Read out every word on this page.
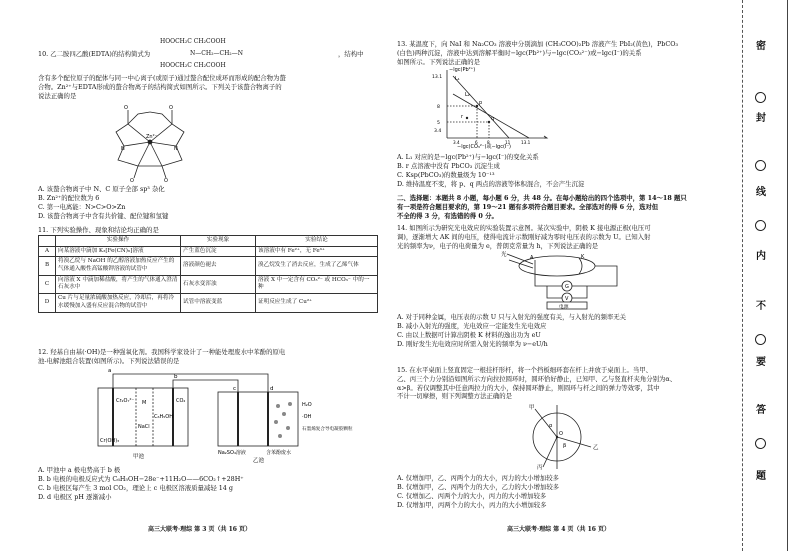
10. 乙二胺四乙酸(EDTA)的结构简式为
HOOCH₂C CH₂COOH
N—CH₂—CH₂—N
HOOCH₂C CH₂COOH
，结构中
含有多个配位原子的配体与同一中心离子(或原子)通过螯合配位成环而形成的配合物为螯
合物。Zn²⁺与EDTA形成的螯合物离子的结构简式如图所示。下列关于该螯合物离子的
说法正确的是
Zn²⁻
N	N
O	O
O	O
A. 该螯合物离子中 N、C 原子全部 sp³ 杂化
B. Zn²⁺的配位数为 6
C. 第一电离能：N>C>O>Zn
D. 该螯合物离子中含有共价键、配位键和氢键
11. 下列实验操作、现象和结论均正确的是
	实验操作	实验现象	实验结论
A	向某溶液中滴加 K₃[Fe(CN)₆]溶液	产生蓝色沉淀	该溶液中有 Fe²⁺，无 Fe³⁺
B	将溴乙烷与 NaOH 的乙醇溶液加热反应产生的气体通入酸性高锰酸钾溶液的试管中	溶液颜色褪去	溴乙烷发生了消去反应，生成了乙烯气体
C	向溶液 X 中滴加稀盐酸，将产生的气体通入澄清石灰水中	石灰水变浑浊	溶液 X 中一定含有 CO₃²⁻ 或 HCO₃⁻ 中的一种
D	Cu 片与足量浓硫酸加热反应，冷却后，再将冷水缓慢加入盛有反应混合物的试管中	试管中溶液变蓝	证明反应生成了 Cu²⁺
12. 羟基自由基(·OH)是一种强氧化剂。我国科学家设计了一种能处理废水中苯酚的原电
池-电解池组合装置(如图所示)。下列说法错误的是
a
b
c	d
Cr₂O₇²⁻
Cr(OH)₃
M
NaCl
C₆H₅OH
CO₂
Na₂SO₄溶液	含苯酚废水
H₂O
·OH
石墨烯复合导电凝胶颗粒
甲池
乙池
A. 甲池中 a 极电势高于 b 极
B. b 电极的电极反应式为 C₆H₅OH−28e⁻+11H₂O——6CO₂↑+28H⁺
C. b 电极区每产生 3 mol CO₂，理论上 c 电极区溶液质量减轻 14 g
D. d 电极区 pH 逐渐减小
高三大联考·理综 第 3 页（共 16 页）
13. 某温度下，向 NaI 和 Na₂CO₃ 溶液中分别滴加 (CH₃COO)₂Pb 溶液产生 PbI₂(黄色)，PbCO₃
(白色)两种沉淀，溶液中达到溶解平衡时−lgc(Pb²⁺)与−lgc(CO₃²⁻)或−lgc(I⁻)的关系
如图所示。下列说法正确的是
−lgc(Pb²⁺)
−lgc(CO₃²⁻)或−lgc(I⁻)
L₁
L₂
13.1
8
5
3.4
3.4	6 8	11	13.1
p
q
r
A. L₁ 对应的是−lgc(Pb²⁺)与−lgc(I⁻)的变化关系
B. r 点溶液中没有 PbCO₃ 沉淀生成
C. Ksp(PbCO₃)的数量级为 10⁻¹³
D. 维持温度不变，将 p、q 两点的溶液等体积混合，不会产生沉淀
二、选择题：本题共 8 小题，每小题 6 分，共 48 分。在每小题给出的四个选项中，第 14～18 题只
有一项是符合题目要求的，第 19～21 题有多项符合题目要求。全部选对的得 6 分，选对但
不全的得 3 分，有选错的得 0 分。
14. 如图所示为研究光电效应的实验装置示意图。某次实验中，阴极 K 接电源正极(电压可
调)，逐渐增大 AK 间的电压，使得电流计示数刚好减为零时电压表的示数为 U。已知入射
光的频率为ν，电子的电荷量为 e，普朗克常量为 h，下列说法正确的是
光	A	K
G
V
电源
A. 对于同种金属，电压表的示数 U 只与入射光的强度有关，与入射光的频率无关
B. 减小入射光的强度，光电效应一定能发生光电效应
C. 由以上数据可计算出阴极 K 材料的逸出功为 eU
D. 刚好发生光电效应时所需入射光的频率为 ν−eU/h
15. 在水平桌面上竖直固定一根挂杆形杆，将一个挡板细环套在杆上并放于桌面上。当甲、
乙、丙三个力分别沿如图所示方向拉拉圆环时，圆环恰好静止，已知甲、乙与竖直杆夹角分别为α、
α>β。若仅调整其中任意两拉力的大小，保持圆环静止，则圆环与杆之间的弹力等效零，其中
不计一切摩擦，则下列调整方法正确的是
甲
乙
丙
α
β
O
A. 仅增加甲，乙、丙两个力的大小，丙力的大小增加较多
B. 仅增加甲，乙、丙两个力的大小，乙力的大小增加较多
C. 仅增加乙、丙两个力的大小，丙力的大小增加较多
D. 仅增加甲，丙两个力的大小，丙力的大小增加较多
高三大联考·理综 第 4 页（共 16 页）
密
封
线
内
不
要
答
题
